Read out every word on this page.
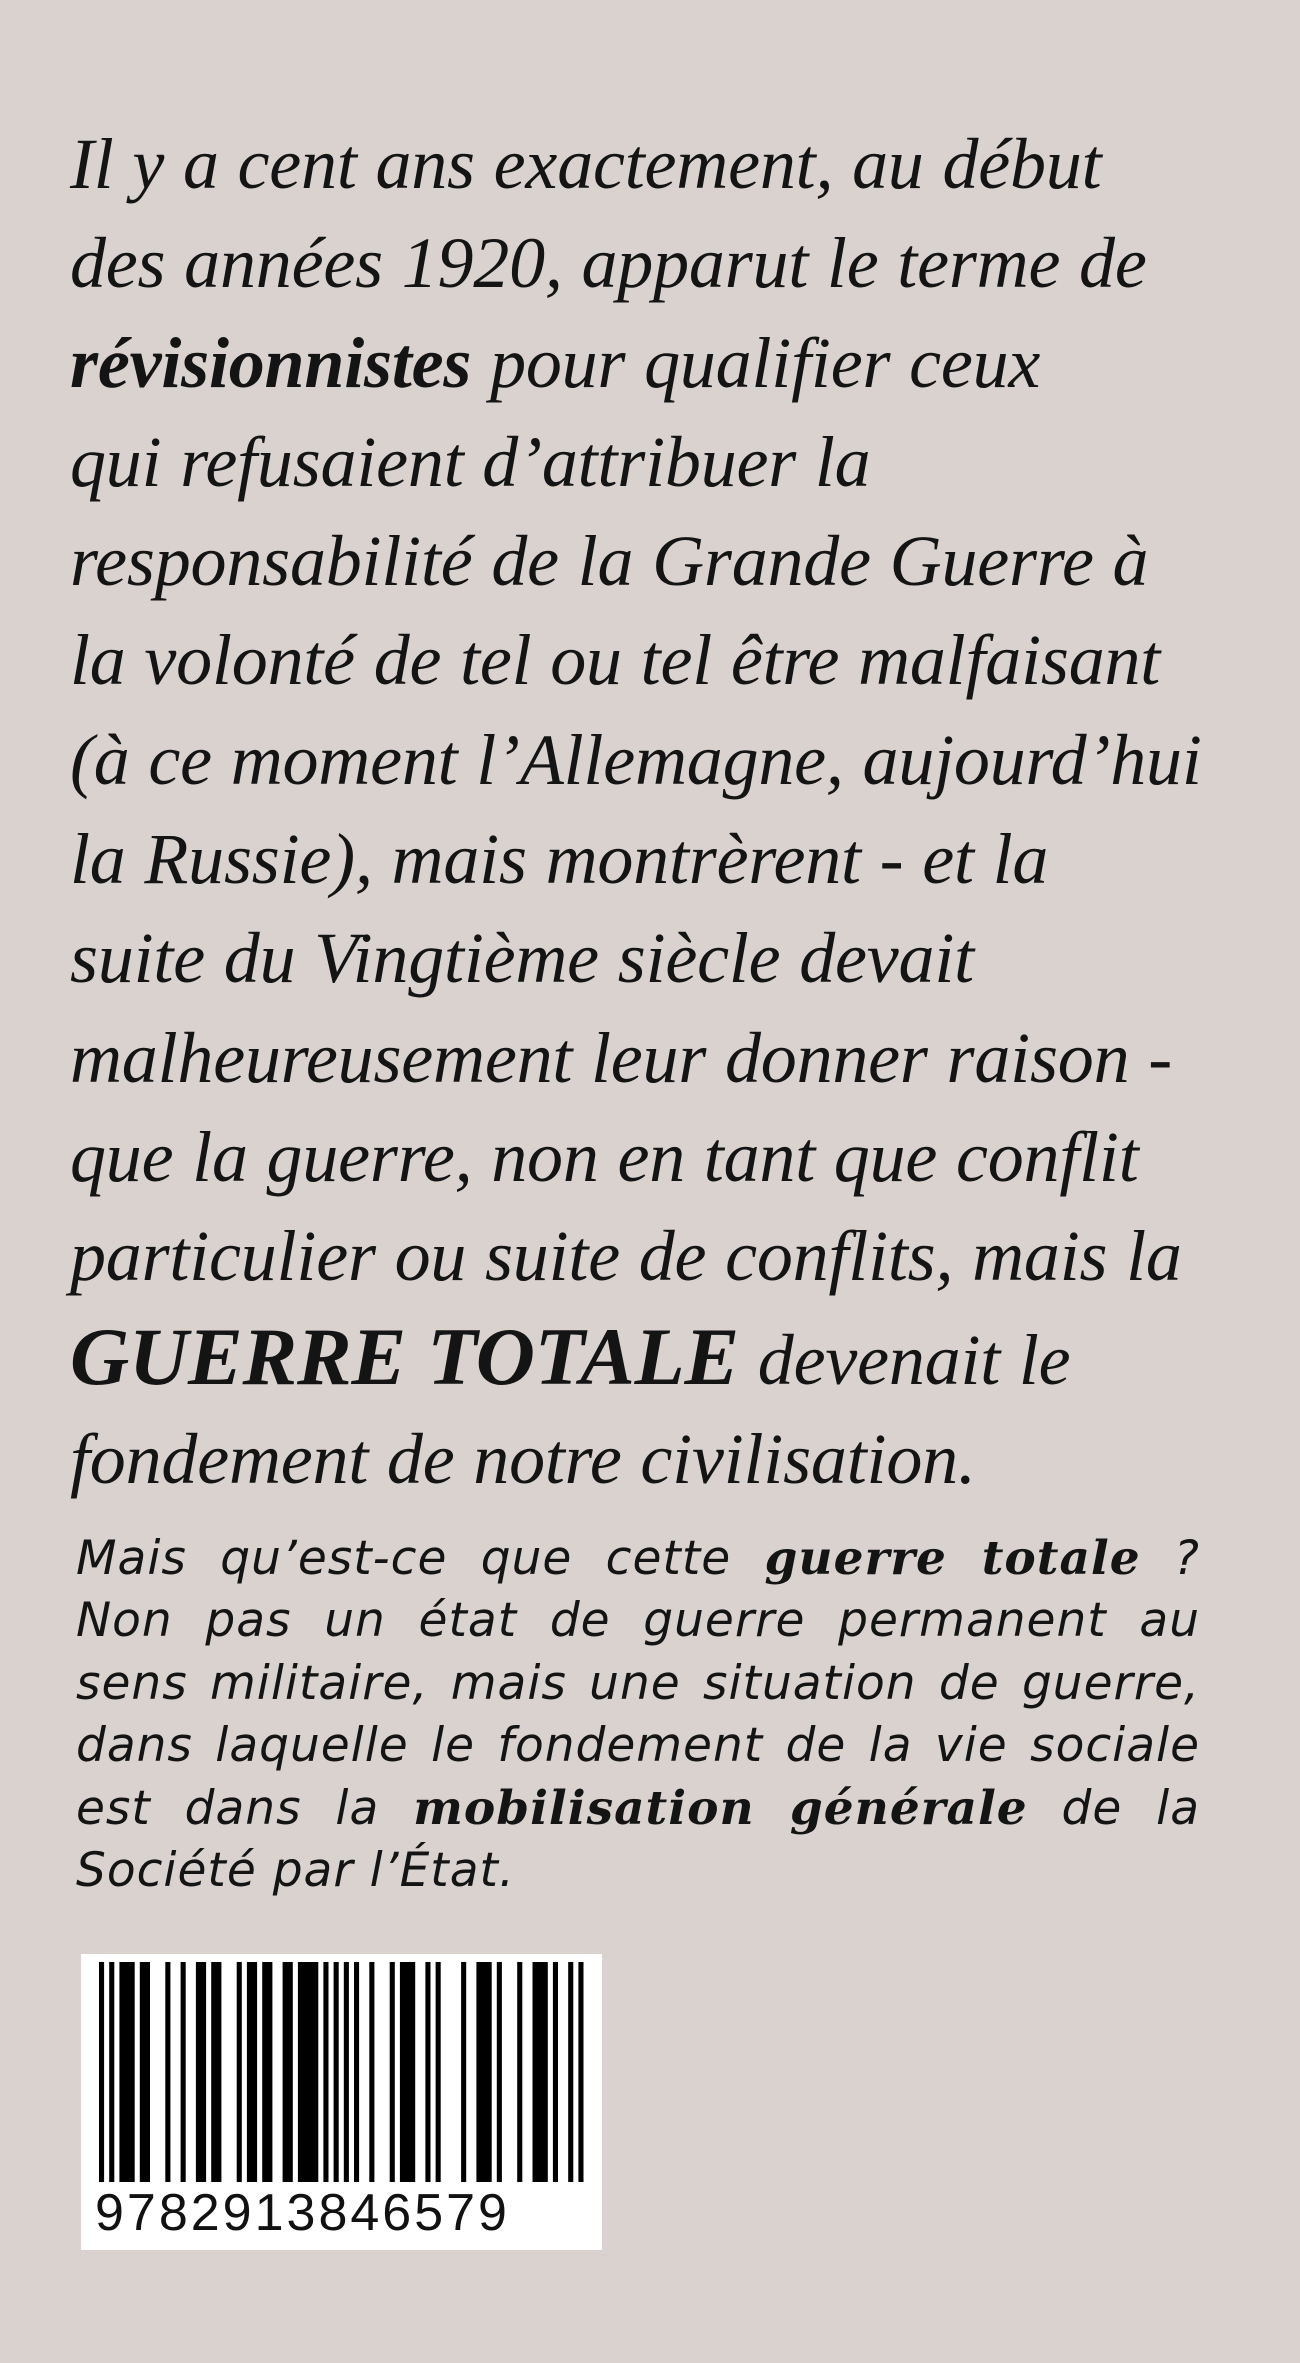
Il y a cent ans exactement, au début
des années 1920, apparut le terme de
révisionnistes pour qualifier ceux
qui refusaient d’attribuer la
responsabilité de la Grande Guerre à
la volonté de tel ou tel être malfaisant
(à ce moment l’Allemagne, aujourd’hui
la Russie), mais montrèrent - et la
suite du Vingtième siècle devait
malheureusement leur donner raison -
que la guerre, non en tant que conflit
particulier ou suite de conflits, mais la
GUERRE TOTALE devenait le
fondement de notre civilisation.

Mais qu’est-ce que cette guerre totale ? Non pas un état de guerre permanent au sens militaire, mais une situation de guerre, dans laquelle le fondement de la vie sociale est dans la mobilisation générale de la Société par l’État.

9782913846579
